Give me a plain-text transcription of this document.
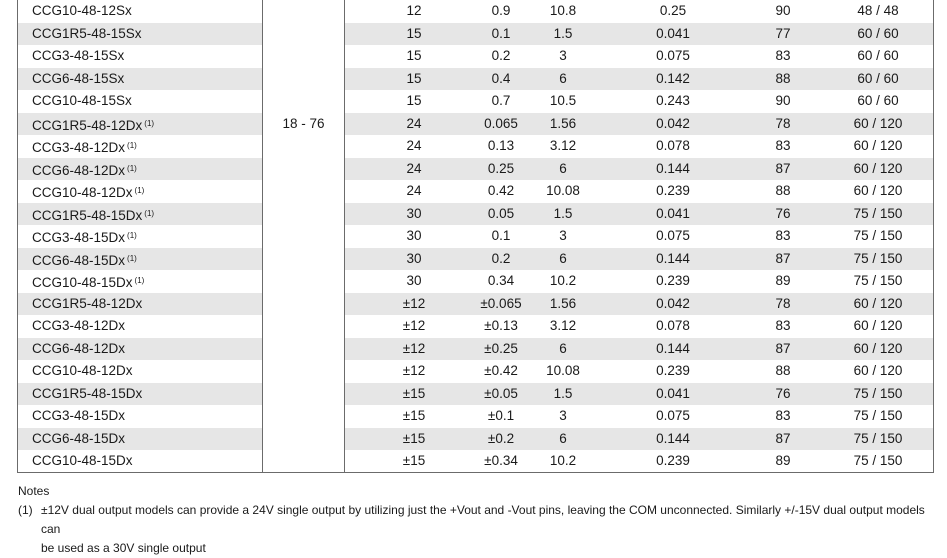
CCG10-48-12Sx	12	0.9	10.8	0.25	90	48 / 48
CCG1R5-48-15Sx	15	0.1	1.5	0.041	77	60 / 60
CCG3-48-15Sx	15	0.2	3	0.075	83	60 / 60
CCG6-48-15Sx	15	0.4	6	0.142	88	60 / 60
CCG10-48-15Sx	15	0.7	10.5	0.243	90	60 / 60
CCG1R5-48-12Dx $^{(1)}$	24	0.065	1.56	0.042	78	60 / 120
CCG3-48-12Dx $^{(1)}$	24	0.13	3.12	0.078	83	60 / 120
CCG6-48-12Dx $^{(1)}$	24	0.25	6	0.144	87	60 / 120
CCG10-48-12Dx $^{(1)}$	24	0.42	10.08	0.239	88	60 / 120
CCG1R5-48-15Dx $^{(1)}$	30	0.05	1.5	0.041	76	75 / 150
CCG3-48-15Dx $^{(1)}$	30	0.1	3	0.075	83	75 / 150
CCG6-48-15Dx $^{(1)}$	30	0.2	6	0.144	87	75 / 150
CCG10-48-15Dx $^{(1)}$	30	0.34	10.2	0.239	89	75 / 150
CCG1R5-48-12Dx	±12	±0.065	1.56	0.042	78	60 / 120
CCG3-48-12Dx	±12	±0.13	3.12	0.078	83	60 / 120
CCG6-48-12Dx	±12	±0.25	6	0.144	87	60 / 120
CCG10-48-12Dx	±12	±0.42	10.08	0.239	88	60 / 120
CCG1R5-48-15Dx	±15	±0.05	1.5	0.041	76	75 / 150
CCG3-48-15Dx	±15	±0.1	3	0.075	83	75 / 150
CCG6-48-15Dx	±15	±0.2	6	0.144	87	75 / 150
CCG10-48-15Dx	±15	±0.34	10.2	0.239	89	75 / 150
18 - 76
Notes
(1) ±12V dual output models can provide a 24V single output by utilizing just the +Vout and -Vout pins, leaving the COM unconnected. Similarly +/-15V dual output models can
be used as a 30V single output
